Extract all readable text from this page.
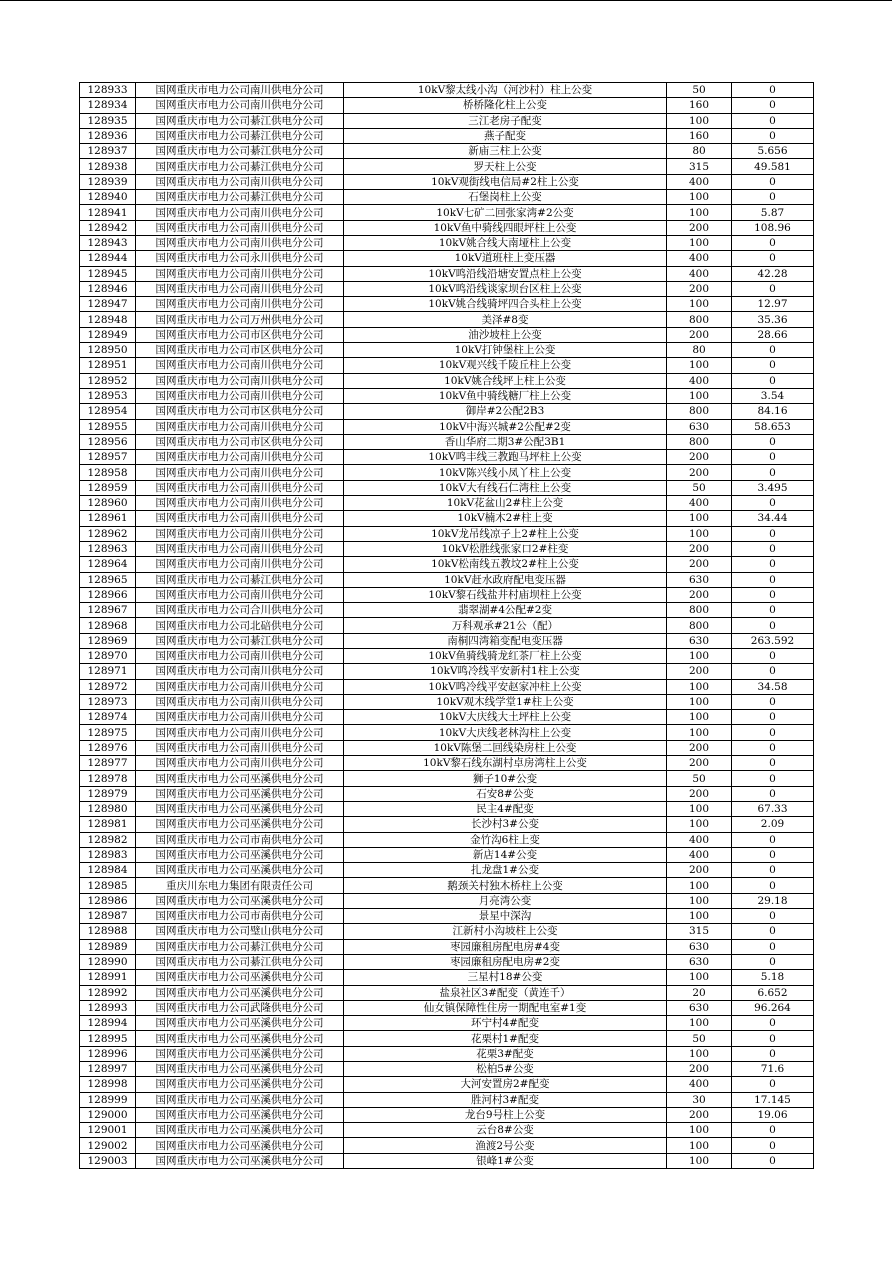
128933	国网重庆市电力公司南川供电分公司	10kV黎太线小沟（河沙村）柱上公变	50	0
128934	国网重庆市电力公司南川供电分公司	桥桥隆化柱上公变	160	0
128935	国网重庆市电力公司綦江供电分公司	三江老房子配变	100	0
128936	国网重庆市电力公司綦江供电分公司	燕子配变	160	0
128937	国网重庆市电力公司綦江供电分公司	新庙三柱上公变	80	5.656
128938	国网重庆市电力公司綦江供电分公司	罗天柱上公变	315	49.581
128939	国网重庆市电力公司南川供电分公司	10kV观街线电信局#2柱上公变	400	0
128940	国网重庆市电力公司綦江供电分公司	石堡岗柱上公变	100	0
128941	国网重庆市电力公司南川供电分公司	10kV七矿二回张家湾#2公变	100	5.87
128942	国网重庆市电力公司南川供电分公司	10kV鱼中骑线四眼坪柱上公变	200	108.96
128943	国网重庆市电力公司南川供电分公司	10kV姚合线大南垭柱上公变	100	0
128944	国网重庆市电力公司永川供电分公司	10kV道班柱上变压器	400	0
128945	国网重庆市电力公司南川供电分公司	10kV鸣沿线沿塘安置点柱上公变	400	42.28
128946	国网重庆市电力公司南川供电分公司	10kV鸣沿线谈家坝台区柱上公变	200	0
128947	国网重庆市电力公司南川供电分公司	10kV姚合线骑坪四合头柱上公变	100	12.97
128948	国网重庆市电力公司万州供电分公司	美泽#8变	800	35.36
128949	国网重庆市电力公司市区供电分公司	油沙坡柱上公变	200	28.66
128950	国网重庆市电力公司市区供电分公司	10kV打钟堡柱上公变	80	0
128951	国网重庆市电力公司南川供电分公司	10kV观兴线千陵丘柱上公变	100	0
128952	国网重庆市电力公司南川供电分公司	10kV姚合线坪上柱上公变	400	0
128953	国网重庆市电力公司南川供电分公司	10kV鱼中骑线糖厂柱上公变	100	3.54
128954	国网重庆市电力公司市区供电分公司	御岸#2公配2B3	800	84.16
128955	国网重庆市电力公司南川供电分公司	10kV中海兴城#2公配#2变	630	58.653
128956	国网重庆市电力公司市区供电分公司	香山华府二期3#公配3B1	800	0
128957	国网重庆市电力公司南川供电分公司	10kV鸣丰线三教跑马坪柱上公变	200	0
128958	国网重庆市电力公司南川供电分公司	10kV陈兴线小凤丫柱上公变	200	0
128959	国网重庆市电力公司南川供电分公司	10kV大有线石仁湾柱上公变	50	3.495
128960	国网重庆市电力公司南川供电分公司	10kV花盆山2#柱上公变	400	0
128961	国网重庆市电力公司南川供电分公司	10kV楠木2#柱上变	100	34.44
128962	国网重庆市电力公司南川供电分公司	10kV龙吊线凉子上2#柱上公变	100	0
128963	国网重庆市电力公司南川供电分公司	10kV松胜线张家口2#柱变	200	0
128964	国网重庆市电力公司南川供电分公司	10kV松南线五教坟2#柱上公变	200	0
128965	国网重庆市电力公司綦江供电分公司	10kV赶水政府配电变压器	630	0
128966	国网重庆市电力公司南川供电分公司	10kV黎石线盐井村庙坝柱上公变	200	0
128967	国网重庆市电力公司合川供电分公司	翡翠湖#4公配#2变	800	0
128968	国网重庆市电力公司北碚供电分公司	万科观承#21公（配）	800	0
128969	国网重庆市电力公司綦江供电分公司	南桐四湾箱变配电变压器	630	263.592
128970	国网重庆市电力公司南川供电分公司	10kV鱼骑线骑龙红茶厂柱上公变	100	0
128971	国网重庆市电力公司南川供电分公司	10kV鸣冷线平安新村1柱上公变	200	0
128972	国网重庆市电力公司南川供电分公司	10kV鸣冷线平安赵家冲柱上公变	100	34.58
128973	国网重庆市电力公司南川供电分公司	10kV观木线学堂1#柱上公变	100	0
128974	国网重庆市电力公司南川供电分公司	10kV大庆线大土坪柱上公变	100	0
128975	国网重庆市电力公司南川供电分公司	10kV大庆线老林沟柱上公变	100	0
128976	国网重庆市电力公司南川供电分公司	10kV陈堡二回线染房柱上公变	200	0
128977	国网重庆市电力公司南川供电分公司	10kV黎石线东湖村卓房湾柱上公变	200	0
128978	国网重庆市电力公司巫溪供电分公司	狮子10#公变	50	0
128979	国网重庆市电力公司巫溪供电分公司	石安8#公变	200	0
128980	国网重庆市电力公司巫溪供电分公司	民主4#配变	100	67.33
128981	国网重庆市电力公司巫溪供电分公司	长沙村3#公变	100	2.09
128982	国网重庆市电力公司市南供电分公司	金竹沟6柱上变	400	0
128983	国网重庆市电力公司巫溪供电分公司	新店14#公变	400	0
128984	国网重庆市电力公司巫溪供电分公司	扎龙盘1#公变	200	0
128985	重庆川东电力集团有限责任公司	鹅颈关村独木桥柱上公变	100	0
128986	国网重庆市电力公司巫溪供电分公司	月亮湾公变	100	29.18
128987	国网重庆市电力公司市南供电分公司	景星中深沟	100	0
128988	国网重庆市电力公司璧山供电分公司	江新村小沟坡柱上公变	315	0
128989	国网重庆市电力公司綦江供电分公司	枣园廉租房配电房#4变	630	0
128990	国网重庆市电力公司綦江供电分公司	枣园廉租房配电房#2变	630	0
128991	国网重庆市电力公司巫溪供电分公司	三星村18#公变	100	5.18
128992	国网重庆市电力公司巫溪供电分公司	盐泉社区3#配变（黄连千）	20	6.652
128993	国网重庆市电力公司武隆供电分公司	仙女镇保障性住房一期配电室#1变	630	96.264
128994	国网重庆市电力公司巫溪供电分公司	环宁村4#配变	100	0
128995	国网重庆市电力公司巫溪供电分公司	花栗村1#配变	50	0
128996	国网重庆市电力公司巫溪供电分公司	花栗3#配变	100	0
128997	国网重庆市电力公司巫溪供电分公司	松柏5#公变	200	71.6
128998	国网重庆市电力公司巫溪供电分公司	大河安置房2#配变	400	0
128999	国网重庆市电力公司巫溪供电分公司	胜河村3#配变	30	17.145
129000	国网重庆市电力公司巫溪供电分公司	龙台9号柱上公变	200	19.06
129001	国网重庆市电力公司巫溪供电分公司	云台8#公变	100	0
129002	国网重庆市电力公司巫溪供电分公司	渔渡2号公变	100	0
129003	国网重庆市电力公司巫溪供电分公司	银峰1#公变	100	0
